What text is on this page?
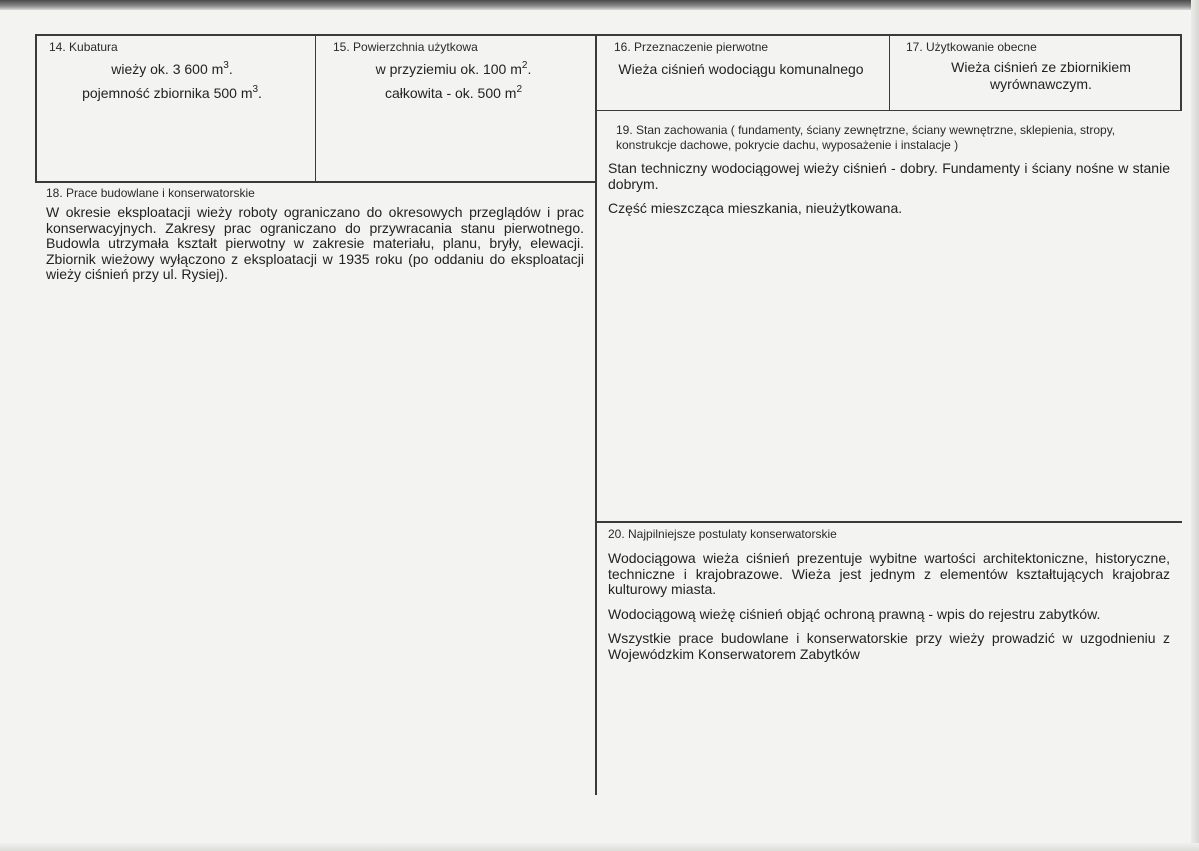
14. Kubatura
wieży ok. 3 600 $m^3$.
pojemność zbiornika 500 $m^3$.
15. Powierzchnia użytkowa
w przyziemiu ok. 100 $m^2$.
całkowita - ok. 500 $m^2$
16. Przeznaczenie pierwotne
Wieża ciśnień wodociągu komunalnego
17. Użytkowanie obecne
Wieża ciśnień ze zbiornikiem
wyrównawczym.
18. Prace budowlane i konserwatorskie

W okresie eksploatacji wieży roboty ograniczano do okresowych przeglądów i prac konserwacyjnych. Zakresy prac ograniczano do przywracania stanu pierwotnego. Budowla utrzymała kształt pierwotny w zakresie materiału, planu, bryły, elewacji. Zbiornik wieżowy wyłączono z eksploatacji w 1935 roku (po oddaniu do eksploatacji wieży ciśnień przy ul. Rysiej).

19. Stan zachowania ( fundamenty, ściany zewnętrzne, ściany wewnętrzne, sklepienia, stropy, konstrukcje dachowe, pokrycie dachu, wyposażenie i instalacje )

Stan techniczny wodociągowej wieży ciśnień - dobry. Fundamenty i ściany nośne w stanie dobrym.

Część mieszcząca mieszkania, nieużytkowana.

20. Najpilniejsze postulaty konserwatorskie

Wodociągowa wieża ciśnień prezentuje wybitne wartości architektoniczne, historyczne, techniczne i krajobrazowe. Wieża jest jednym z elementów kształtujących krajobraz kulturowy miasta.

Wodociągową wieżę ciśnień objąć ochroną prawną - wpis do rejestru zabytków.

Wszystkie prace budowlane i konserwatorskie przy wieży prowadzić w uzgodnieniu z Wojewódzkim Konserwatorem Zabytków
